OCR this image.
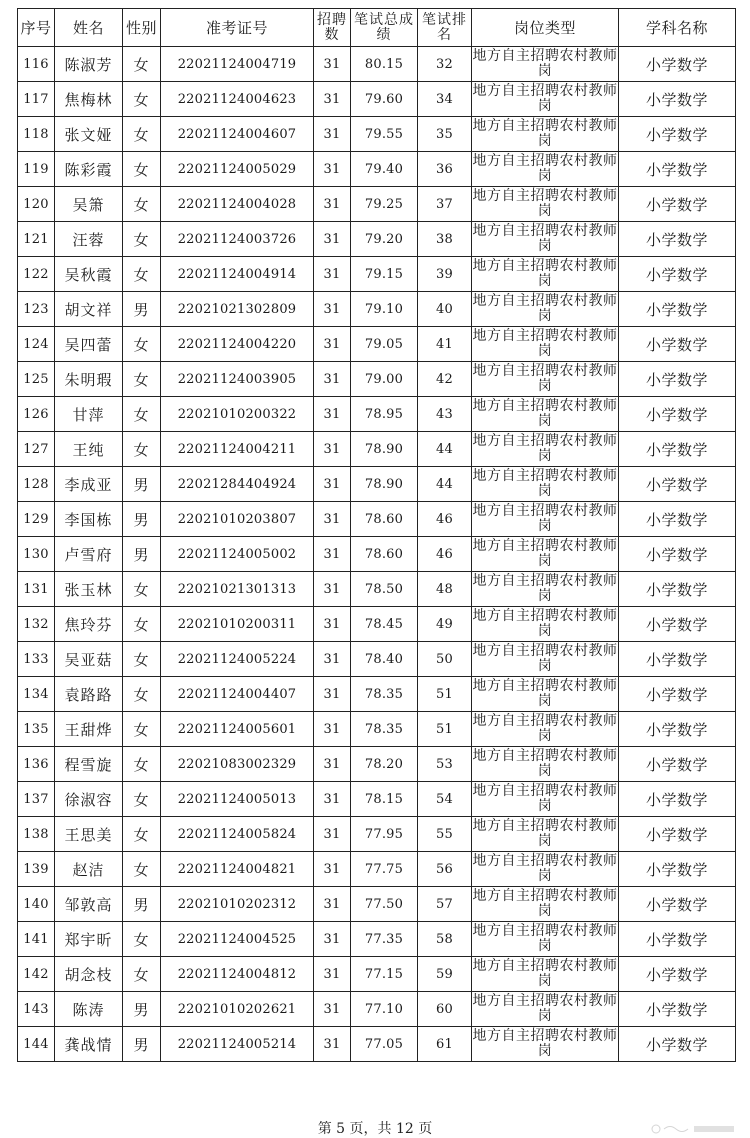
序号	姓名	性别	准考证号	招聘数	笔试总成绩	笔试排名	岗位类型	学科名称
116	陈淑芳	女	22021124004719	31	80.15	32	地方自主招聘农村教师岗	小学数学
117	焦梅林	女	22021124004623	31	79.60	34	地方自主招聘农村教师岗	小学数学
118	张文娅	女	22021124004607	31	79.55	35	地方自主招聘农村教师岗	小学数学
119	陈彩霞	女	22021124005029	31	79.40	36	地方自主招聘农村教师岗	小学数学
120	吴箫	女	22021124004028	31	79.25	37	地方自主招聘农村教师岗	小学数学
121	汪蓉	女	22021124003726	31	79.20	38	地方自主招聘农村教师岗	小学数学
122	吴秋霞	女	22021124004914	31	79.15	39	地方自主招聘农村教师岗	小学数学
123	胡文祥	男	22021021302809	31	79.10	40	地方自主招聘农村教师岗	小学数学
124	吴四蕾	女	22021124004220	31	79.05	41	地方自主招聘农村教师岗	小学数学
125	朱明瑕	女	22021124003905	31	79.00	42	地方自主招聘农村教师岗	小学数学
126	甘萍	女	22021010200322	31	78.95	43	地方自主招聘农村教师岗	小学数学
127	王纯	女	22021124004211	31	78.90	44	地方自主招聘农村教师岗	小学数学
128	李成亚	男	22021284404924	31	78.90	44	地方自主招聘农村教师岗	小学数学
129	李国栋	男	22021010203807	31	78.60	46	地方自主招聘农村教师岗	小学数学
130	卢雪府	男	22021124005002	31	78.60	46	地方自主招聘农村教师岗	小学数学
131	张玉林	女	22021021301313	31	78.50	48	地方自主招聘农村教师岗	小学数学
132	焦玲芬	女	22021010200311	31	78.45	49	地方自主招聘农村教师岗	小学数学
133	吴亚菇	女	22021124005224	31	78.40	50	地方自主招聘农村教师岗	小学数学
134	袁路路	女	22021124004407	31	78.35	51	地方自主招聘农村教师岗	小学数学
135	王甜烨	女	22021124005601	31	78.35	51	地方自主招聘农村教师岗	小学数学
136	程雪旋	女	22021083002329	31	78.20	53	地方自主招聘农村教师岗	小学数学
137	徐淑容	女	22021124005013	31	78.15	54	地方自主招聘农村教师岗	小学数学
138	王思美	女	22021124005824	31	77.95	55	地方自主招聘农村教师岗	小学数学
139	赵洁	女	22021124004821	31	77.75	56	地方自主招聘农村教师岗	小学数学
140	邹敦高	男	22021010202312	31	77.50	57	地方自主招聘农村教师岗	小学数学
141	郑宇昕	女	22021124004525	31	77.35	58	地方自主招聘农村教师岗	小学数学
142	胡念枝	女	22021124004812	31	77.15	59	地方自主招聘农村教师岗	小学数学
143	陈涛	男	22021010202621	31	77.10	60	地方自主招聘农村教师岗	小学数学
144	龚战情	男	22021124005214	31	77.05	61	地方自主招聘农村教师岗	小学数学
第 5 页，共 12 页
